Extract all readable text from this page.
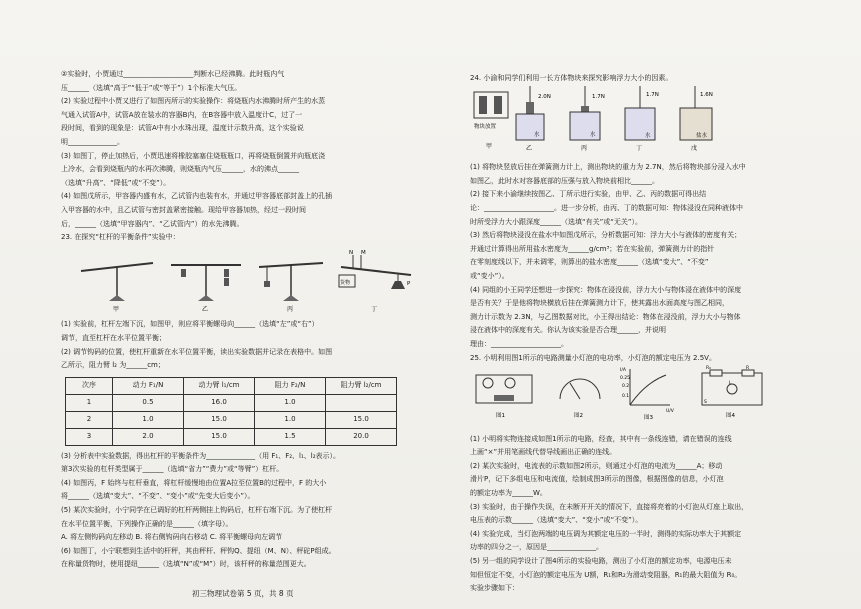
②实验时，小贾通过____________________判断水已经沸腾。此时瓶内气
压______（选填“高于”“低于”或“等于”）1个标准大气压。
(2) 实验过程中小贾又进行了如图丙所示的实验操作：将烧瓶内水沸腾时所产生的水蒸
气通入试管A中，试管A放在装水的容器B内，在B容器中放入温度计C，过了一
段时间，看到的现象是：试管A中有小水珠出现，温度计示数升高，这个实验说
明______________。
(3) 如图丁，停止加热后，小贾迅速将橡胶塞塞住烧瓶瓶口，再将烧瓶倒置并向瓶底浇
上冷水，会看到烧瓶内的水再次沸腾，则烧瓶内气压______，水的沸点______
（选填“升高”、“降低”或“不变”）。
(4) 如图戊所示，甲容器内盛有水，乙试管内也装有水，并通过甲容器底部封盖上的孔插
入甲容器的水中，且乙试管与密封盖紧密接触。现给甲容器加热，经过一段时间
后，______（选填“甲容器内”、“乙试管内”）的水先沸腾。
23. 在探究“杠杆的平衡条件”实验中：
甲	乙	丙
N M
货物	P
丁
(1) 实验前，杠杆左端下沉，如图甲，则应将平衡螺母向______（选填“左”或“右”）
调节，直至杠杆在水平位置平衡；
(2) 调节钩码的位置，使杠杆重新在水平位置平衡，读出实验数据并记录在表格中。如图
乙所示，阻力臂 l₂ 为______cm；
次序	动力 F₁/N	动力臂 l₁/cm	阻力 F₂/N	阻力臂 l₂/cm
1	0.5	16.0	1.0	
2	1.0	15.0	1.0	15.0
3	2.0	15.0	1.5	20.0
(3) 分析表中实验数据，得出杠杆的平衡条件为______________（用 F₁、F₂、l₁、l₂表示）。
第3次实验的杠杆类型属于______（选填“省力”“费力”或“等臂”）杠杆。
(4) 如图丙，F 始终与杠杆垂直，将杠杆缓慢地由位置A拉至位置B的过程中，F 的大小
将______（选填“变大”、“不变”、“变小”或“先变大后变小”）。
(5) 某次实验时，小宁同学在已调好的杠杆两侧挂上钩码后，杠杆右端下沉。为了使杠杆
在水平位置平衡，下列操作正确的是______（填字母）。
A. 将左侧钩码向左移动 B. 将右侧钩码向右移动 C. 将平衡螺母向左调节
(6) 如图丁，小宁联想到生活中的杆秤，其由秤杆、秤钩Q、提纽（M、N）、秤砣P组成。
在称量货物时，使用提纽______（选填“N”或“M”）时，该杆秤的称量范围更大。
24. 小渝和同学们利用一长方体物块来探究影响浮力大小的因素。
物块放置
甲
2.0N
水
乙
1.7N
水
丙
1.7N
水
丁
1.6N
盐水
戊
(1) 将物块竖放后挂在弹簧测力计上，测出物块的重力为 2.7N，然后将物块部分浸入水中
如图乙，此时水对容器底部的压强与放入物块前相比______。
(2) 接下来小渝继续按图乙、丁所示进行实验，由甲、乙、丙的数据可得出结
论：____________________。进一步分析，由丙、丁的数据可知：物体浸没在同种液体中
时所受浮力大小跟深度______（选填“有关”或“无关”）。
(3) 然后将物块浸没在盐水中如图戊所示，分析数据可知：浮力大小与液体的密度有关；
并通过计算得出所用盐水密度为______g/cm³；若在实验前，弹簧测力计的指针
在零刻度线以下，并未调零，则算出的盐水密度______（选填“变大”、“不变”
或“变小”）。
(4) 同组的小王同学还想进一步探究：物体在浸没前，浮力大小与物体浸在液体中的深度
是否有关？于是他将物块横放后挂在弹簧测力计下，使其露出水面高度与图乙相同，
测力计示数为 2.3N，与乙图数据对比，小王得出结论：物体在浸没前，浮力大小与物体
浸在液体中的深度有关。你认为该实验是否合理______，并说明
理由：____________________。
25. 小明利用图1所示的电路测量小灯泡的电功率，小灯泡的额定电压为 2.5V。
图1	图2
I/A
0.25
0.2
0.1
U/V
图3
R₀	R
L
S
图4
(1) 小明将实物连接成如图1所示的电路，经查，其中有一条线连错，请在错误的连线
上画“×”并用笔画线代替导线画出正确的连线。
(2) 某次实验时，电流表的示数如图2所示，则通过小灯泡的电流为______A；移动
滑片P，记下多组电压和电流值，绘制成图3所示的图像，根据图像的信息，小灯泡
的额定功率为______W。
(3) 实验时，由于操作失误，在未断开开关的情况下，直接将亮着的小灯泡从灯座上取出，
电压表的示数______（选填“变大”、“变小”或“不变”）。
(4) 实验完成，当灯泡两端的电压调为其额定电压的一半时，测得的实际功率大于其额定
功率的四分之一，原因是______________。
(5) 另一组的同学设计了图4所示的实验电路，测出了小灯泡的额定功率，电源电压未
知但恒定不变，小灯泡的额定电压为 U额，R₁和R₂为滑动变阻器，R₁的最大阻值为 R₀。
实验步骤如下：
初三物理试卷第 5 页，共 8 页
